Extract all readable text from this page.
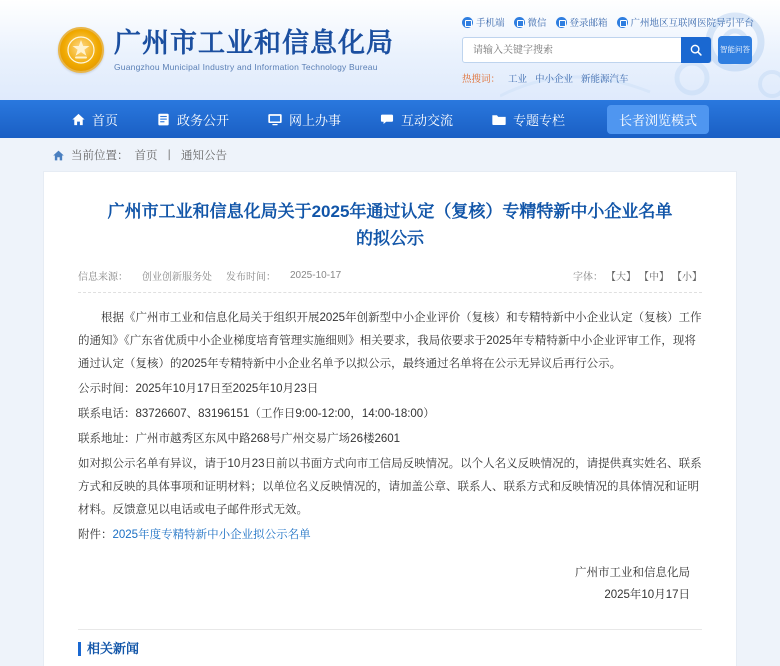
广州市工业和信息化局
Guangzhou Municipal Industry and Information Technology Bureau
手机端 微信 登录邮箱 广州地区互联网医院导引平台
请输入关键字搜索
智能问答
热搜词： 工业 中小企业 新能源汽车
首页	政务公开	网上办事	互动交流	专题专栏	长者浏览模式
当前位置： 首页 丨 通知公告
广州市工业和信息化局关于2025年通过认定（复核）专精特新中小企业名单的拟公示
信息来源： 创业创新服务处 发布时间： 2025-10-17	字体： 【大】 【中】 【小】

根据《广州市工业和信息化局关于组织开展2025年创新型中小企业评价（复核）和专精特新中小企业认定（复核）工作的通知》《广东省优质中小企业梯度培育管理实施细则》相关要求，我局依要求于2025年专精特新中小企业评审工作，现将通过认定（复核）的2025年专精特新中小企业名单予以拟公示，最终通过名单将在公示无异议后再行公示。

公示时间：2025年10月17日至2025年10月23日

联系电话：83726607、83196151（工作日9:00-12:00，14:00-18:00）

联系地址：广州市越秀区东风中路268号广州交易广场26楼2601

如对拟公示名单有异议，请于10月23日前以书面方式向市工信局反映情况。以个人名义反映情况的，请提供真实姓名、联系方式和反映的具体事项和证明材料；以单位名义反映情况的，请加盖公章、联系人、联系方式和反映情况的具体情况和证明材料。反馈意见以电话或电子邮件形式无效。

附件：2025年度专精特新中小企业拟公示名单

广州市工业和信息化局
2025年10月17日
相关新闻
